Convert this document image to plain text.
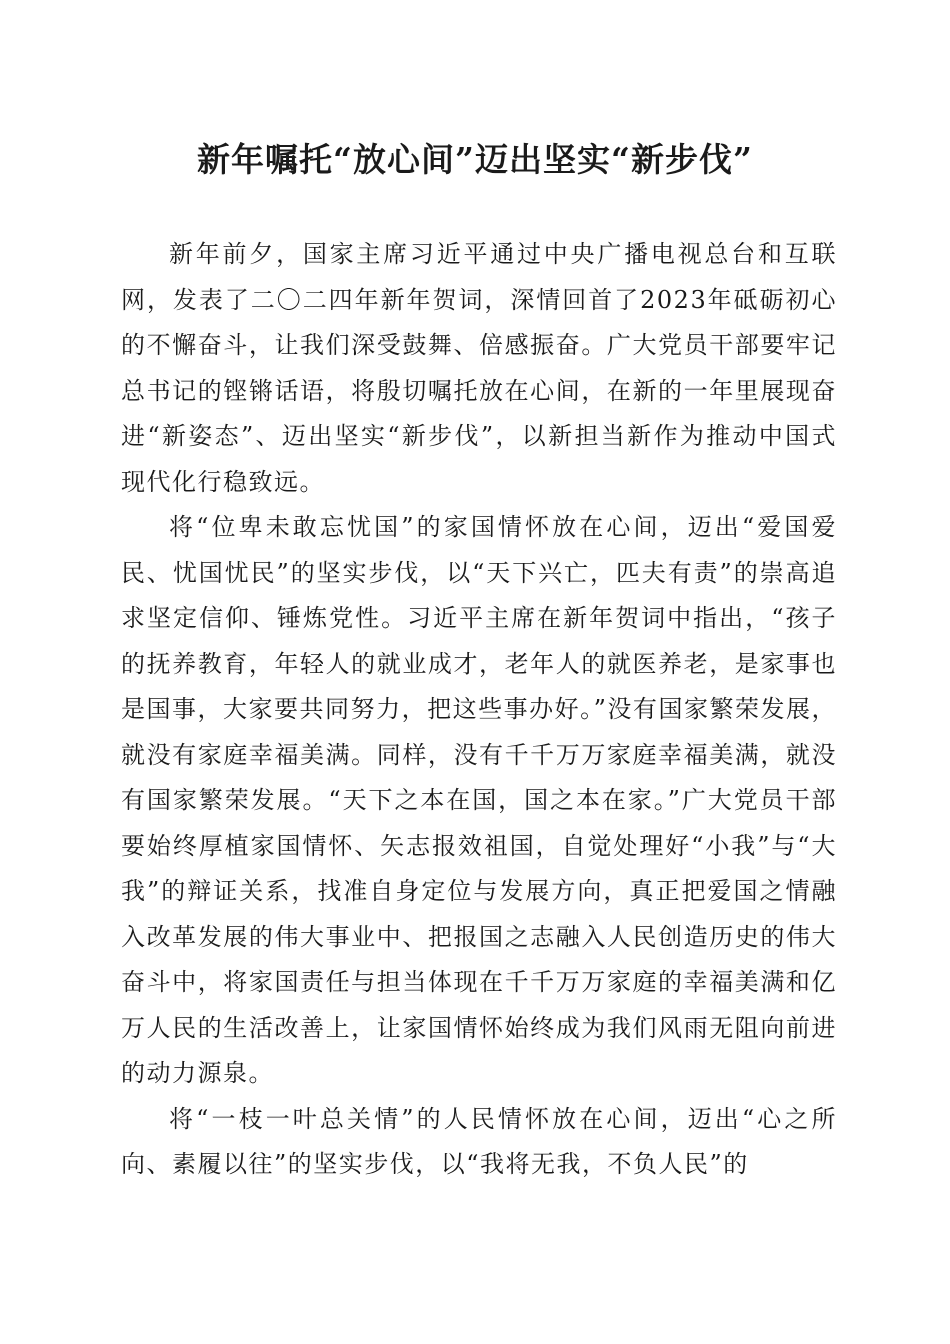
新年嘱托“放心间”迈出坚实“新步伐”

新年前夕，国家主席习近平通过中央广播电视总台和互联网，发表了二〇二四年新年贺词，深情回首了2023年砥砺初心的不懈奋斗，让我们深受鼓舞、倍感振奋。广大党员干部要牢记总书记的铿锵话语，将殷切嘱托放在心间，在新的一年里展现奋进“新姿态”、迈出坚实“新步伐”，以新担当新作为推动中国式现代化行稳致远。

将“位卑未敢忘忧国”的家国情怀放在心间，迈出“爱国爱民、忧国忧民”的坚实步伐，以“天下兴亡，匹夫有责”的崇高追求坚定信仰、锤炼党性。习近平主席在新年贺词中指出，“孩子的抚养教育，年轻人的就业成才，老年人的就医养老，是家事也是国事，大家要共同努力，把这些事办好。”没有国家繁荣发展，就没有家庭幸福美满。同样，没有千千万万家庭幸福美满，就没有国家繁荣发展。“天下之本在国，国之本在家。”广大党员干部要始终厚植家国情怀、矢志报效祖国，自觉处理好“小我”与“大我”的辩证关系，找准自身定位与发展方向，真正把爱国之情融入改革发展的伟大事业中、把报国之志融入人民创造历史的伟大奋斗中，将家国责任与担当体现在千千万万家庭的幸福美满和亿万人民的生活改善上，让家国情怀始终成为我们风雨无阻向前进的动力源泉。

将“一枝一叶总关情”的人民情怀放在心间，迈出“心之所向、素履以往”的坚实步伐，以“我将无我，不负人民”的
